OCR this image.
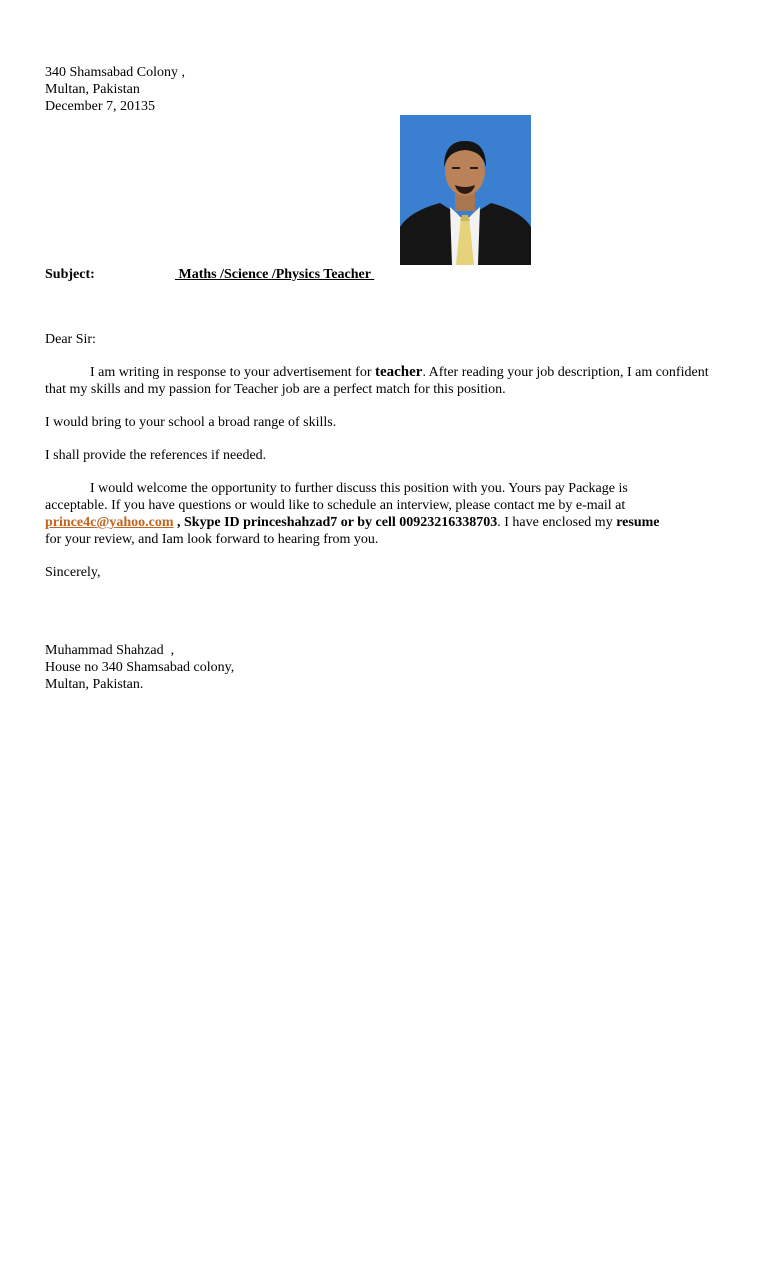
340 Shamsabad Colony ,
Multan, Pakistan
December 7, 20135
Subject:	Maths /Science /Physics Teacher
Dear Sir:
I am writing in response to your advertisement for teacher. After reading your job description, I am confident that my skills and my passion for Teacher job are a perfect match for this position.
I would bring to your school a broad range of skills.
I shall provide the references if needed.
I would welcome the opportunity to further discuss this position with you. Yours pay Package is
acceptable. If you have questions or would like to schedule an interview, please contact me by e-mail at
prince4c@yahoo.com , Skype ID princeshahzad7 or by cell 00923216338703. I have enclosed my resume
for your review, and Iam look forward to hearing from you.
Sincerely,
Muhammad Shahzad  ,
House no 340 Shamsabad colony,
Multan, Pakistan.
